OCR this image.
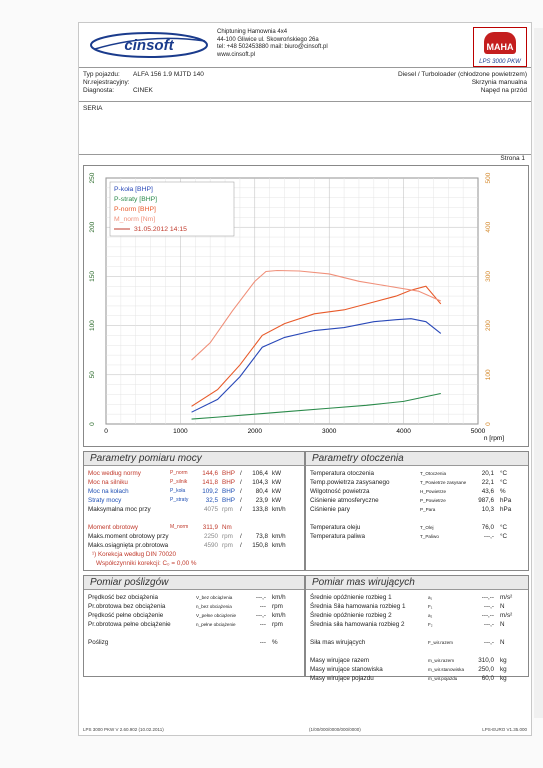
cinsoft
Chiptuning Hamownia 4x4
44-100 Gliwice ul. Skowrońskiego 26a
tel: +48 502453880 mail: biuro@cinsoft.pl
www.cinsoft.pl
MAHA
LPS 3000 PKW
Typ pojazdu: ALFA 156 1.9 MJTD 140
Nr.rejestracyjny:
Diagnosta:	CINEK
Diesel / Turboloader (chłodzone powietrzem)
Skrzynia manualna
Napęd na przód
SERIA
Strona 1
0	1000	2000	3000	4000	5000
n [rpm]
0
50
100
150
200
250
0
100
200
300
400
500
P-koła [BHP]
P-straty [BHP]
P-norm [BHP]
M_norm [Nm]
31.05.2012 14:15
Parametry pomiaru mocy
Moc według normy	P_norm	144,6 BHP /	106,4 kW
Moc na silniku	P_silnik	141,8 BHP /	104,3 kW
Moc na kołach	P_koła	109,2 BHP /	80,4 kW
Straty mocy	P_straty	32,5 BHP /	23,9 kW
Maksymalna moc przy	4075 rpm /	133,8 km/h
Moment obrotowy	M_norm	311,9 Nm
Maks.moment obrotowy przy	2250 rpm /	73,8 km/h
Maks.osiągnięta pr.obrotowa	4590 rpm /	150,8 km/h
¹) Korekcja według DIN 70020
Współczynniki korekcji: C₀ = 0,00 %
Parametry otoczenia
Temperatura otoczenia	T_Otoczenia	20,1 °C
Temp.powietrza zasysanego	T_Powietrze zasysane	22,1 °C
Wilgotność powietrza	H_Powietrze	43,6 %
Ciśnienie atmosferyczne	P_Powietrze	987,6 hPa
Ciśnienie pary	P_Para	10,3 hPa
Temperatura oleju	T_Olej	76,0 °C
Temperatura paliwa	T_Paliwo	---,- °C
Pomiar poślizgów
Prędkość bez obciążenia	V_bez obciążenia	---,- km/h
Pr.obrotowa bez obciążenia	n_bez obciążenia	--- rpm
Prędkość pełne obciążenie	V_pełne obciążenie	---,- km/h
Pr.obrotowa pełne obciążenie	n_pełne obciążenie	--- rpm
Poślizg	--- %
Pomiar mas wirujących
Średnie opóźnienie rozbieg 1	a₁	---,-- m/s²
Średnia Siła hamowania rozbieg 1	F₁	---,- N
Średnie opóźnienie rozbieg 2	a₂	---,-- m/s²
Średnia siła hamowania rozbieg 2	F₂	---,- N
Siła mas wirujących	F_wir.razem	---,- N
Masy wirujące razem	m_wir.razem	310,0 kg
Masy wirujące stanowiska	m_wir.stanowiska	250,0 kg
Masy wirujące pojazdu	m_wir.pojazdu	60,0 kg
LPS 3000 PKW V 2.60.902 (10.02.2011)	(1/00/000/0000/000/0000)	LPS-EURO V1.35.000
